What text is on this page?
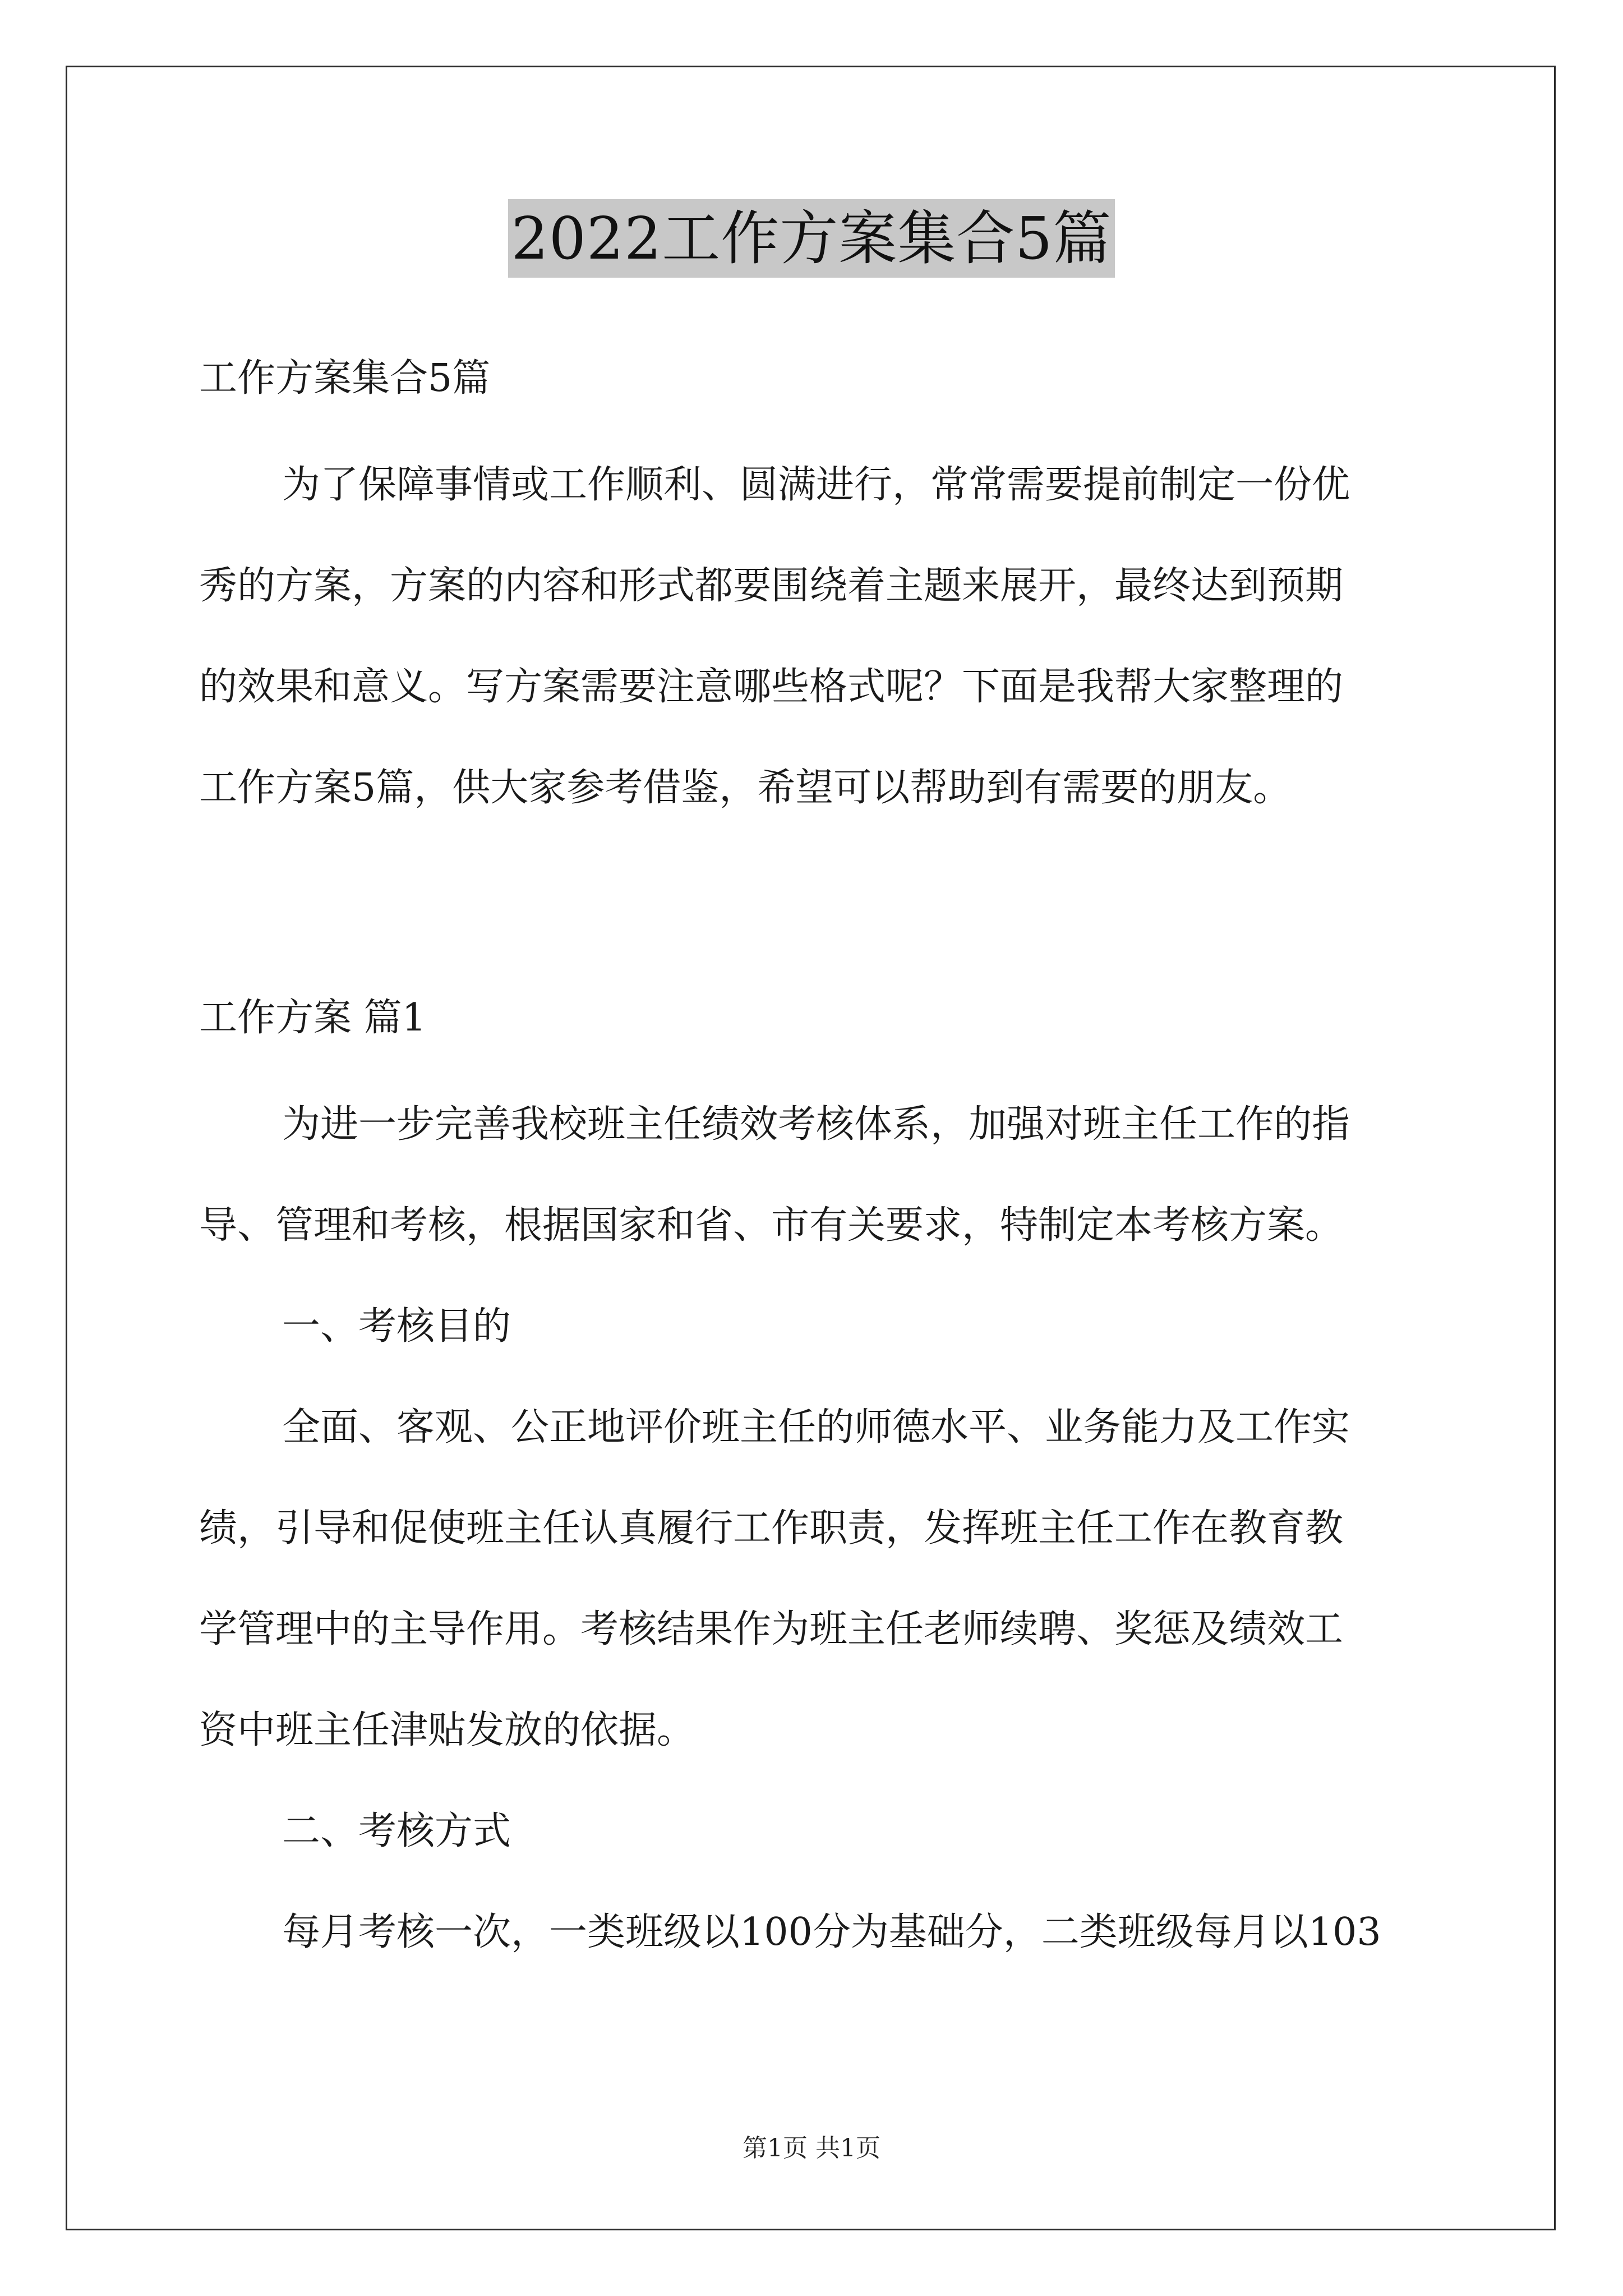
2022工作方案集合5篇
工作方案集合5篇
为了保障事情或工作顺利、圆满进行，常常需要提前制定一份优
秀的方案，方案的内容和形式都要围绕着主题来展开，最终达到预期
的效果和意义。写方案需要注意哪些格式呢？下面是我帮大家整理的
工作方案5篇，供大家参考借鉴，希望可以帮助到有需要的朋友。
工作方案 篇1
为进一步完善我校班主任绩效考核体系，加强对班主任工作的指
导、管理和考核，根据国家和省、市有关要求，特制定本考核方案。
一、考核目的
全面、客观、公正地评价班主任的师德水平、业务能力及工作实
绩，引导和促使班主任认真履行工作职责，发挥班主任工作在教育教
学管理中的主导作用。考核结果作为班主任老师续聘、奖惩及绩效工
资中班主任津贴发放的依据。
二、考核方式
每月考核一次，一类班级以100分为基础分，二类班级每月以103
第1页 共1页
